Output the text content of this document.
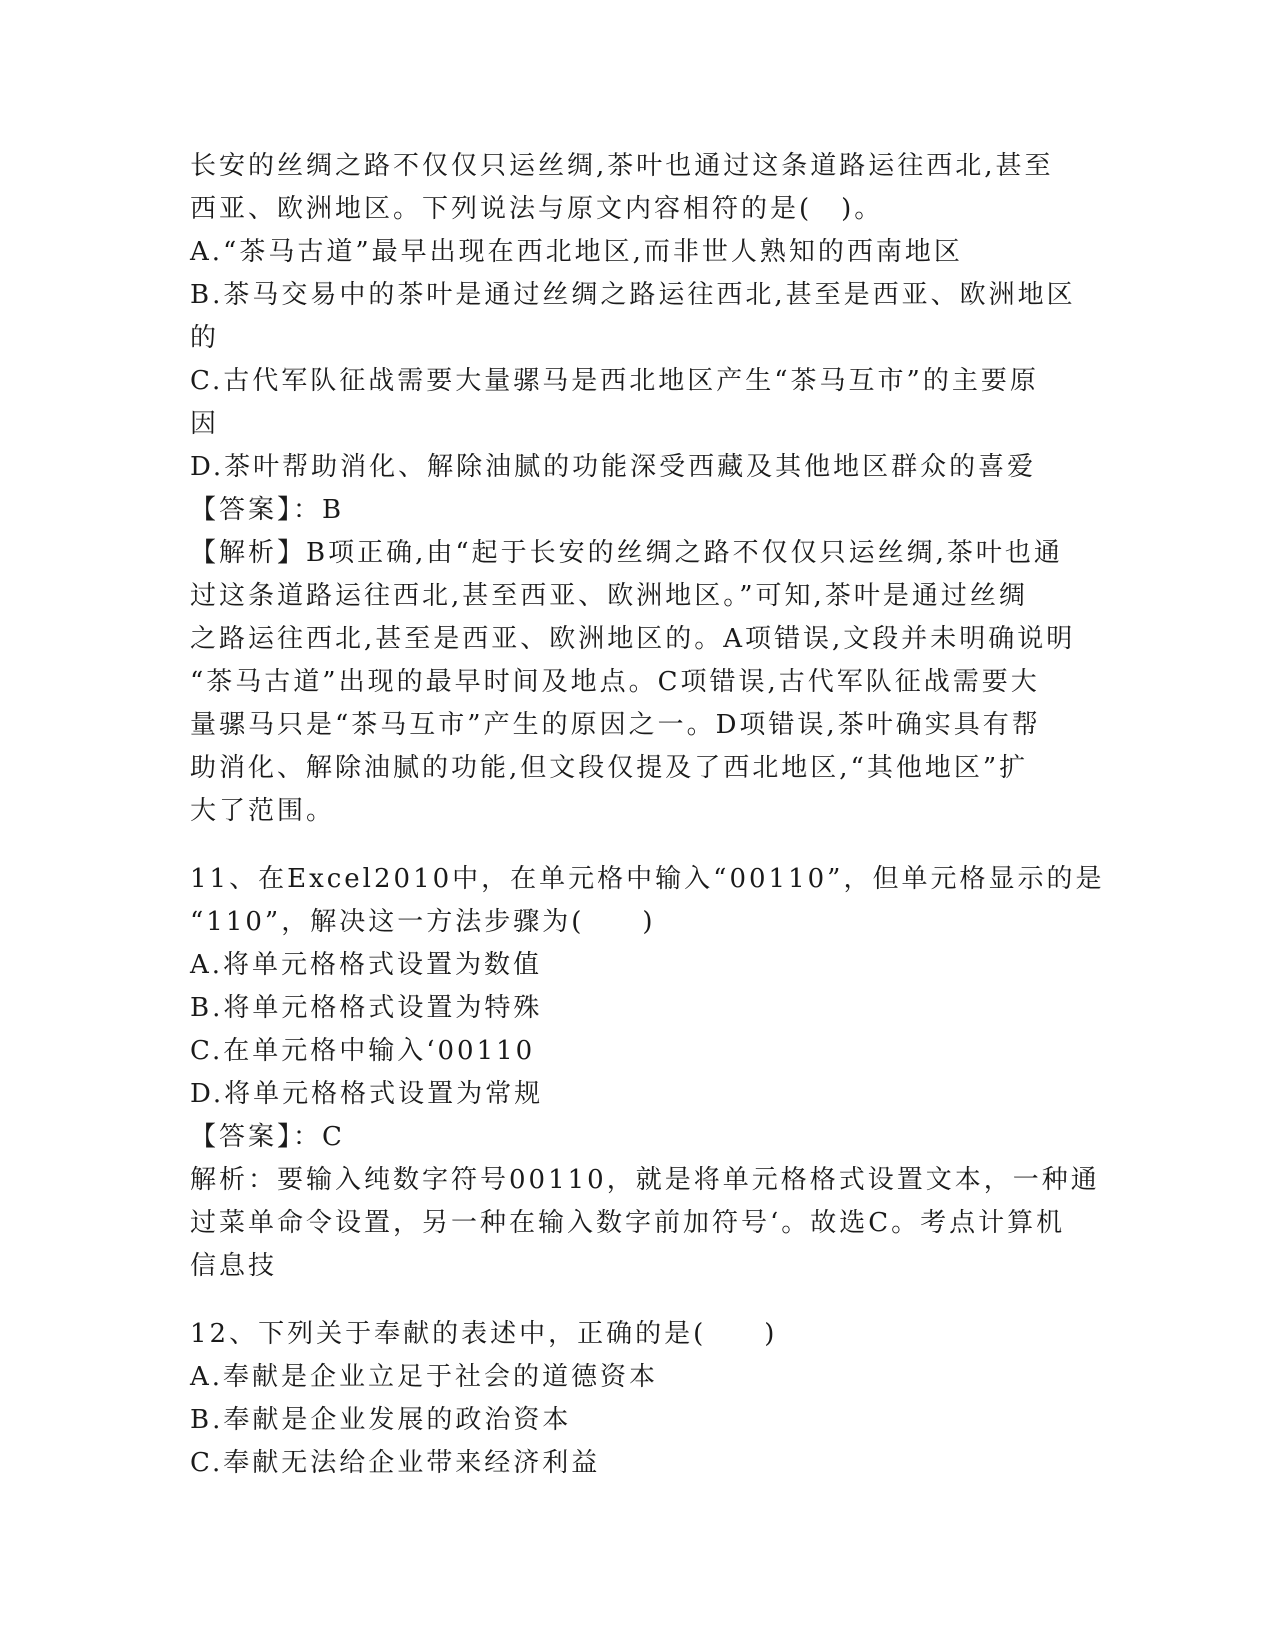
长安的丝绸之路不仅仅只运丝绸,茶叶也通过这条道路运往西北,甚至
西亚、欧洲地区。下列说法与原文内容相符的是(　)。
A.“茶马古道”最早出现在西北地区,而非世人熟知的西南地区
B.茶马交易中的茶叶是通过丝绸之路运往西北,甚至是西亚、欧洲地区
的
C.古代军队征战需要大量骡马是西北地区产生“茶马互市”的主要原
因
D.茶叶帮助消化、解除油腻的功能深受西藏及其他地区群众的喜爱
【答案】：B
【解析】B项正确,由“起于长安的丝绸之路不仅仅只运丝绸,茶叶也通
过这条道路运往西北,甚至西亚、欧洲地区。”可知,茶叶是通过丝绸
之路运往西北,甚至是西亚、欧洲地区的。A项错误,文段并未明确说明
“茶马古道”出现的最早时间及地点。C项错误,古代军队征战需要大
量骡马只是“茶马互市”产生的原因之一。D项错误,茶叶确实具有帮
助消化、解除油腻的功能,但文段仅提及了西北地区,“其他地区”扩
大了范围。
11、在Excel2010中，在单元格中输入“00110”，但单元格显示的是
“110”，解决这一方法步骤为(　　)
A.将单元格格式设置为数值
B.将单元格格式设置为特殊
C.在单元格中输入‘00110
D.将单元格格式设置为常规
【答案】：C
解析：要输入纯数字符号00110，就是将单元格格式设置文本，一种通
过菜单命令设置，另一种在输入数字前加符号‘。故选C。考点计算机
信息技
12、下列关于奉献的表述中，正确的是(　　)
A.奉献是企业立足于社会的道德资本
B.奉献是企业发展的政治资本
C.奉献无法给企业带来经济利益
